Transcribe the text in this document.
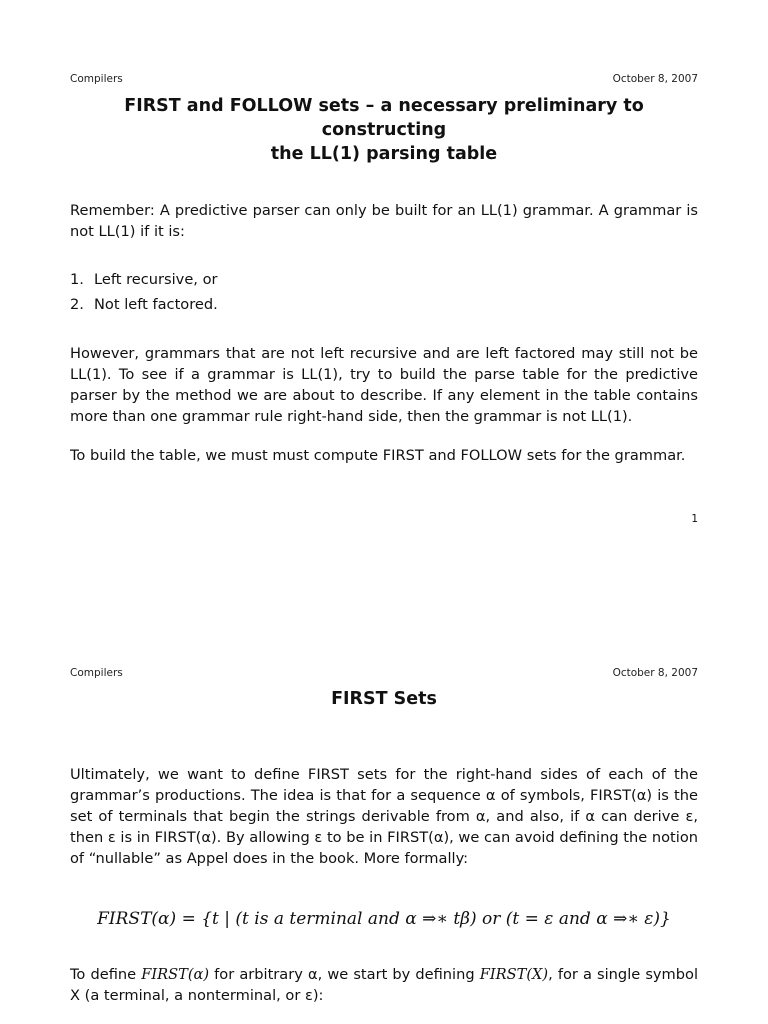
Compilers	October 8, 2007
FIRST and FOLLOW sets – a necessary preliminary to constructing
the LL(1) parsing table
Remember: A predictive parser can only be built for an LL(1) grammar. A grammar is not LL(1) if it is:
1. Left recursive, or
2. Not left factored.
However, grammars that are not left recursive and are left factored may still not be LL(1). To see if a grammar is LL(1), try to build the parse table for the predictive parser by the method we are about to describe. If any element in the table contains more than one grammar rule right-hand side, then the grammar is not LL(1).
To build the table, we must must compute FIRST and FOLLOW sets for the grammar.
1
Compilers	October 8, 2007
FIRST Sets
Ultimately, we want to define FIRST sets for the right-hand sides of each of the grammar’s productions. The idea is that for a sequence α of symbols, FIRST(α) is the set of terminals that begin the strings derivable from α, and also, if α can derive ε, then ε is in FIRST(α). By allowing ε to be in FIRST(α), we can avoid defining the notion of “nullable” as Appel does in the book. More formally:
FIRST(α) = {t | (t is a terminal and α ⇒∗ tβ) or (t = ε and α ⇒∗ ε)}
To define FIRST(α) for arbitrary α, we start by defining FIRST(X), for a single symbol X (a terminal, a nonterminal, or ε):
